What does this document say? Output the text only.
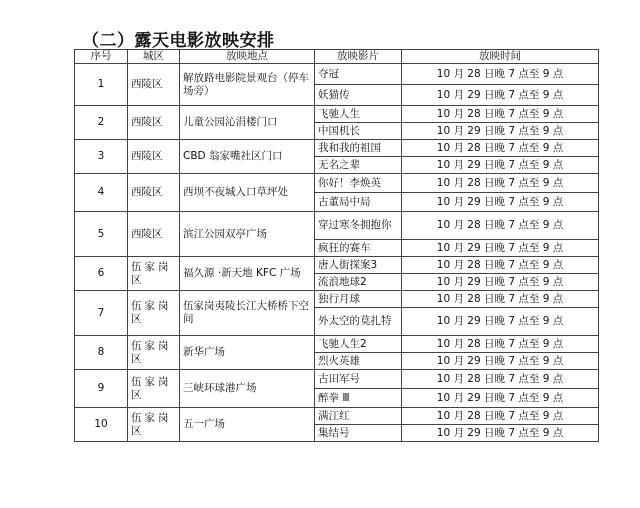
（二）露天电影放映安排
序号	城区	放映地点	放映影片	放映时间
1	西陵区	解放路电影院景观台（停车场旁）	夺冠	10 月 28 日晚 7 点至 9 点
			妖猫传	10 月 29 日晚 7 点至 9 点
2	西陵区	儿童公园沁涓楼门口	飞驰人生	10 月 28 日晚 7 点至 9 点
			中国机长	10 月 29 日晚 7 点至 9 点
3	西陵区	CBD 翁家嘴社区门口	我和我的祖国	10 月 28 日晚 7 点至 9 点
			无名之辈	10 月 29 日晚 7 点至 9 点
4	西陵区	西坝不夜城入口草坪处	你好！李焕英	10 月 28 日晚 7 点至 9 点
			古董局中局	10 月 29 日晚 7 点至 9 点
5	西陵区	滨江公园双亭广场	穿过寒冬拥抱你	10 月 28 日晚 7 点至 9 点
			疯狂的赛车	10 月 29 日晚 7 点至 9 点
6	伍家岗区	福久源 ·新天地 KFC 广场	唐人街探案3	10 月 28 日晚 7 点至 9 点
			流浪地球2	10 月 29 日晚 7 点至 9 点
7	伍家岗区	伍家岗夷陵长江大桥桥下空间	独行月球	10 月 28 日晚 7 点至 9 点
			外太空的莫扎特	10 月 29 日晚 7 点至 9 点
8	伍家岗区	新华广场	飞驰人生2	10 月 28 日晚 7 点至 9 点
			烈火英雄	10 月 29 日晚 7 点至 9 点
9	伍家岗区	三峡环球港广场	古田军号	10 月 28 日晚 7 点至 9 点
			醉拳 Ⅲ	10 月 29 日晚 7 点至 9 点
10	伍家岗区	五一广场	满江红	10 月 28 日晚 7 点至 9 点
			集结号	10 月 29 日晚 7 点至 9 点
